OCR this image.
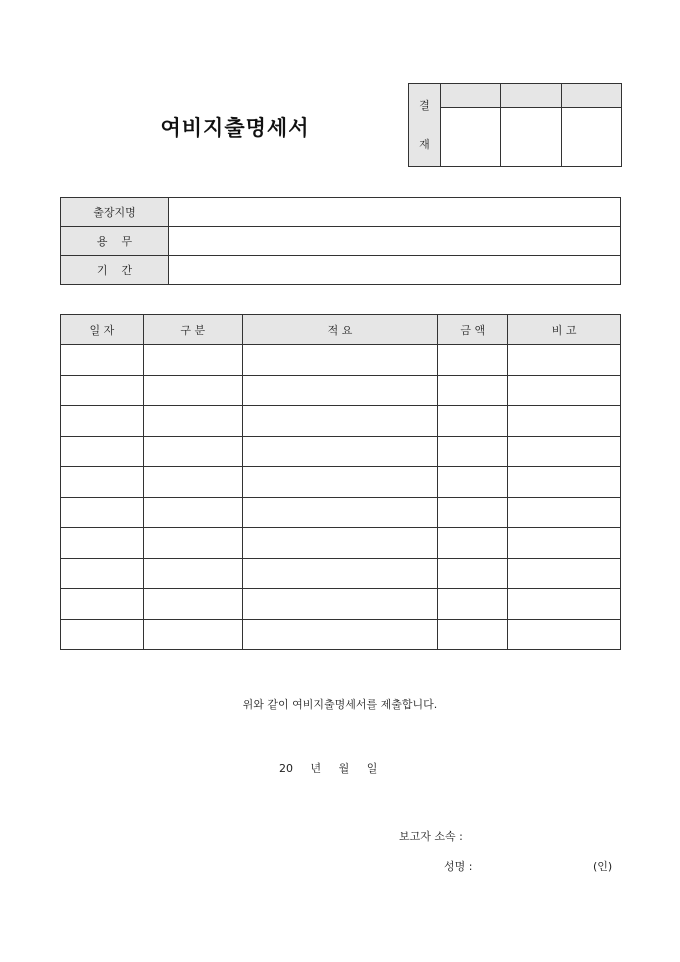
여비지출명세서
결
재			

출장지명	
용    무	
기    간	
일 자	구 분	적 요	금 액	비 고

위와 같이 여비지출명세서를 제출합니다.
20     년     월     일
보고자 소속 :
성명 :	(인)
